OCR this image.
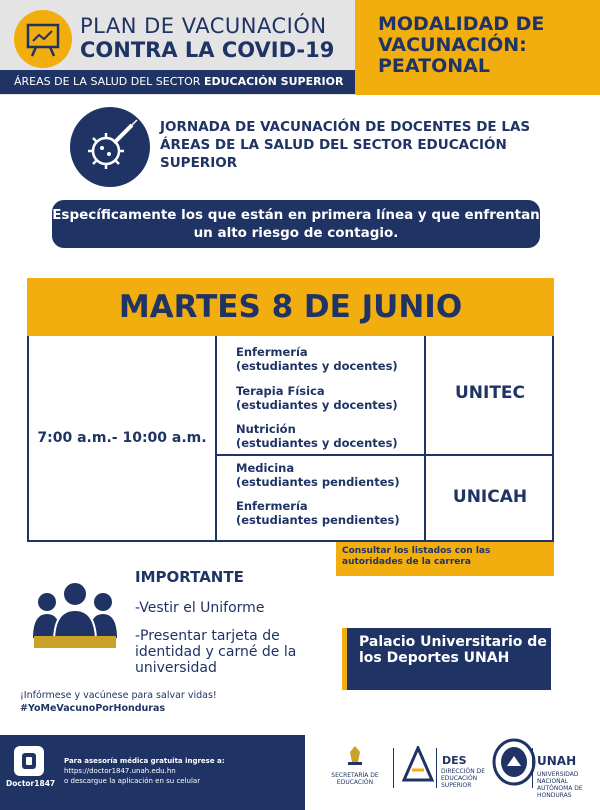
PLAN DE VACUNACIÓN
CONTRA LA COVID-19
ÁREAS DE LA SALUD DEL SECTOR EDUCACIÓN SUPERIOR
MODALIDAD DE VACUNACIÓN: PEATONAL
JORNADA DE VACUNACIÓN DE DOCENTES DE LAS ÁREAS DE LA SALUD DEL SECTOR EDUCACIÓN SUPERIOR
Específicamente los que están en primera línea y que enfrentan un alto riesgo de contagio.
MARTES 8 DE JUNIO
7:00 a.m.- 10:00 a.m.
Enfermería
(estudiantes y docentes)
Terapia Física
(estudiantes y docentes)
Nutrición
(estudiantes y docentes)
UNITEC
Medicina
(estudiantes pendientes)
Enfermería
(estudiantes pendientes)
UNICAH
Consultar los listados con las autoridades de la carrera
IMPORTANTE
-Vestir el Uniforme
-Presentar tarjeta de identidad y carné de la universidad
Palacio Universitario de los Deportes UNAH
¡Infórmese y vacúnese para salvar vidas!
#YoMeVacunoPorHonduras
Doctor1847
Para asesoría médica gratuita ingrese a:
https://doctor1847.unah.edu.hn
o descargue la aplicación en su celular
SECRETARÍA DE EDUCACIÓN
DES
DIRECCIÓN DE EDUCACIÓN SUPERIOR
UNAH
UNIVERSIDAD NACIONAL AUTÓNOMA DE HONDURAS
